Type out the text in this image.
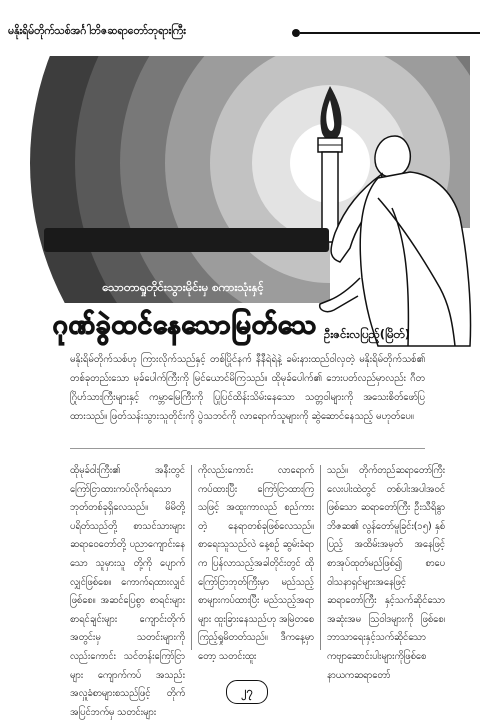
မနိုးရိမ်တိုက်သစ်အင်္ဂါဘိဇဆရာတော်ဘုရားကြီး
သောတာရှုတိုင်းသွားမိုင်းမှ စကားသုံးနှင့်
ဂုဏ်ခွဲထင်နေသောမြတ်သေ ဦးဇင်းလပြည့်(မြိတ်)
မနိုးရိမ်တိုက်သစ်ဟု ကြားလိုက်သည်နှင့် တစ်ပြိုင်နက် နီနီရဲရဲနဲ့ ခမ်းနားထည်ဝါလှတဲ့ မနိုးရိမ်တိုက်သစ်၏ တစ်ခုတည်းသော မုခ်ပေါက်ကြီးကို မြင်ယောင်မိကြသည်။ ထိုမုခ်ပေါက်၏ ဘေးပတ်လည်မှာလည်း ဂီတဂြိုဟ်သားကြီးများနှင့် ကမ္ဘာမြေကြီးကို ပြုပြင်ထိန်းသိမ်းနေသော သတ္တဝါများကို အသေးစိတ်ဖော်ပြထားသည်။ ဖြတ်သန်းသွားသူတိုင်းကို ပွဲသဘင်ကို လာရောက်သူများကို ဆွဲဆောင်နေသည့် မဟုတ်ပေ။
ထိုမုခ်ဝါးကြီး၏ အနီးတွင် ကြော်ငြာထားကပ်လိုက်ရသော ဘုတ်တစ်ခုရှိလေသည်။ မိမိတို့ ပရိတ်သည်တို့ စာသင်သားများ ဆရာဝေတော်တို့ ပညာကျောင်းနေသော သူမှားသူ တို့ကို ပျောက်လျှင်ဖြစ်စေ။ ကောက်ရထားလျှင်ဖြစ်စေ။ အဆင်ပြေစွာ စာရင်းများ စာရင်ချင်းများ ကျောင်းတိုက်အတွင်းမှ သတင်းများကို လည်းကောင်း သင်တန်းကြော်ငြာများ ကျောက်ကပ် အသည်း အလှူခံစာများစသည်ဖြင့် တိုက်အပြင်ဘက်မှ သတင်းများ
ကိုလည်းကောင်း လာရောက်ကပ်ထားပြီး ကြော်ငြာထားကြသဖြင့် အထူးကာလည် စည်ကားတဲ့ နေရာတစ်ခုဖြစ်လေသည်။ စာရေးသူသည်လဲ နေ့စဉ် ဆွမ်းခံရာက ပြန်လာသည့်အခါတိုင်းတွင် ထိုကြော်ငြာဘုတ်ကြီးမှာ မည်သည့် စာများကပ်ထားပြီး မည်သည့်အရာများ ထူးခြားနေသည်ဟု အမြဲတစေ ကြည့်ရှုမိတတ်သည်။ ဒီကနေ့မှာတော့ သတင်းထူး
သည်။ တိုက်တည်ဆရာတော်ကြီး လေးပါးထဲတွင် တစ်ပါးအပါအဝင်ဖြစ်သော ဆရာတော်ကြီး ဦးသီရိနွာဘိဇဆ၏ လွန်တော်မူခြင်း(၁၅) နှစ်ပြည့် အထိမ်းအမှတ် အနေဖြင့် စာအုပ်ထုတ်မည်ဖြစ်၍ စာပေ ဝါသနာရှင်များအနေဖြင့် ဆရာတော်ကြီး နှင့်သက်ဆိုင်သော အဆုံးအမ သြဝါဒများကို ဖြစ်စေ၊ ဘာသာရေးနှင့်သက်ဆိုင်သော ကဗျာဆောင်းပါးများကိုဖြစ်စေ နာယကဆရာတော်
၂၇
